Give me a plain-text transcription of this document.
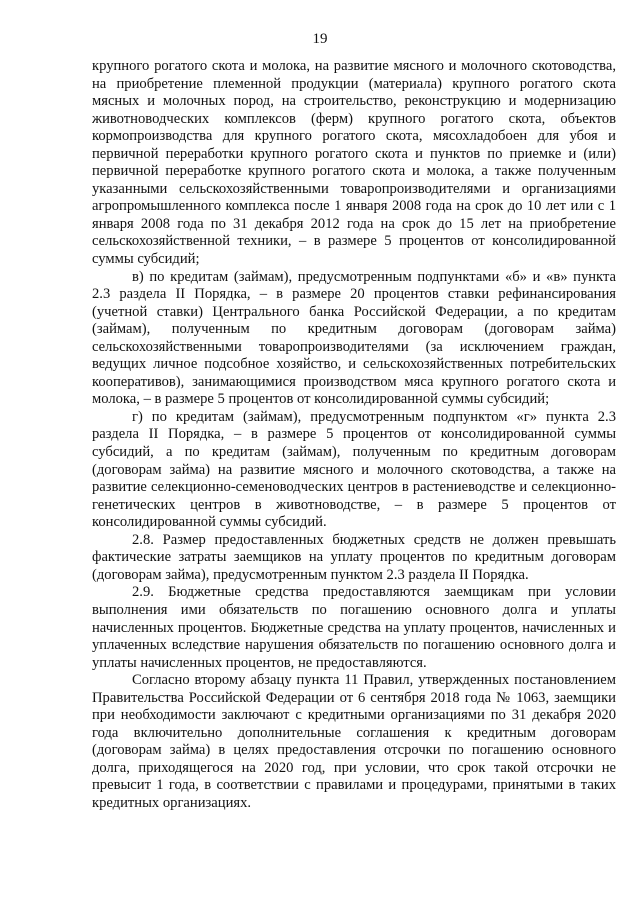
19

крупного рогатого скота и молока, на развитие мясного и молочного скотоводства, на приобретение племенной продукции (материала) крупного рогатого скота мясных и молочных пород, на строительство, реконструкцию и модернизацию животноводческих комплексов (ферм) крупного рогатого скота, объектов кормопроизводства для крупного рогатого скота, мясохладобоен для убоя и первичной переработки крупного рогатого скота и пунктов по приемке и (или) первичной переработке крупного рогатого скота и молока, а также полученным указанными сельскохозяйственными товаропроизводителями и организациями агропромышленного комплекса после 1 января 2008 года на срок до 10 лет или с 1 января 2008 года по 31 декабря 2012 года на срок до 15 лет на приобретение сельскохозяйственной техники, – в размере 5 процентов от консолидированной суммы субсидий;

в) по кредитам (займам), предусмотренным подпунктами «б» и «в» пункта 2.3 раздела II Порядка, – в размере 20 процентов ставки рефинансирования (учетной ставки) Центрального банка Российской Федерации, а по кредитам (займам), полученным по кредитным договорам (договорам займа) сельскохозяйственными товаропроизводителями (за исключением граждан, ведущих личное подсобное хозяйство, и сельскохозяйственных потребительских кооперативов), занимающимися производством мяса крупного рогатого скота и молока, – в размере 5 процентов от консолидированной суммы субсидий;

г) по кредитам (займам), предусмотренным подпунктом «г» пункта 2.3 раздела II Порядка, – в размере 5 процентов от консолидированной суммы субсидий, а по кредитам (займам), полученным по кредитным договорам (договорам займа) на развитие мясного и молочного скотоводства, а также на развитие селекционно-семеноводческих центров в растениеводстве и селекционно-генетических центров в животноводстве, – в размере 5 процентов от консолидированной суммы субсидий.

2.8. Размер предоставленных бюджетных средств не должен превышать фактические затраты заемщиков на уплату процентов по кредитным договорам (договорам займа), предусмотренным пунктом 2.3 раздела II Порядка.

2.9. Бюджетные средства предоставляются заемщикам при условии выполнения ими обязательств по погашению основного долга и уплаты начисленных процентов. Бюджетные средства на уплату процентов, начисленных и уплаченных вследствие нарушения обязательств по погашению основного долга и уплаты начисленных процентов, не предоставляются.

Согласно второму абзацу пункта 11 Правил, утвержденных постановлением Правительства Российской Федерации от 6 сентября 2018 года № 1063, заемщики при необходимости заключают с кредитными организациями по 31 декабря 2020 года включительно дополнительные соглашения к кредитным договорам (договорам займа) в целях предоставления отсрочки по погашению основного долга, приходящегося на 2020 год, при условии, что срок такой отсрочки не превысит 1 года, в соответствии с правилами и процедурами, принятыми в таких кредитных организациях.
